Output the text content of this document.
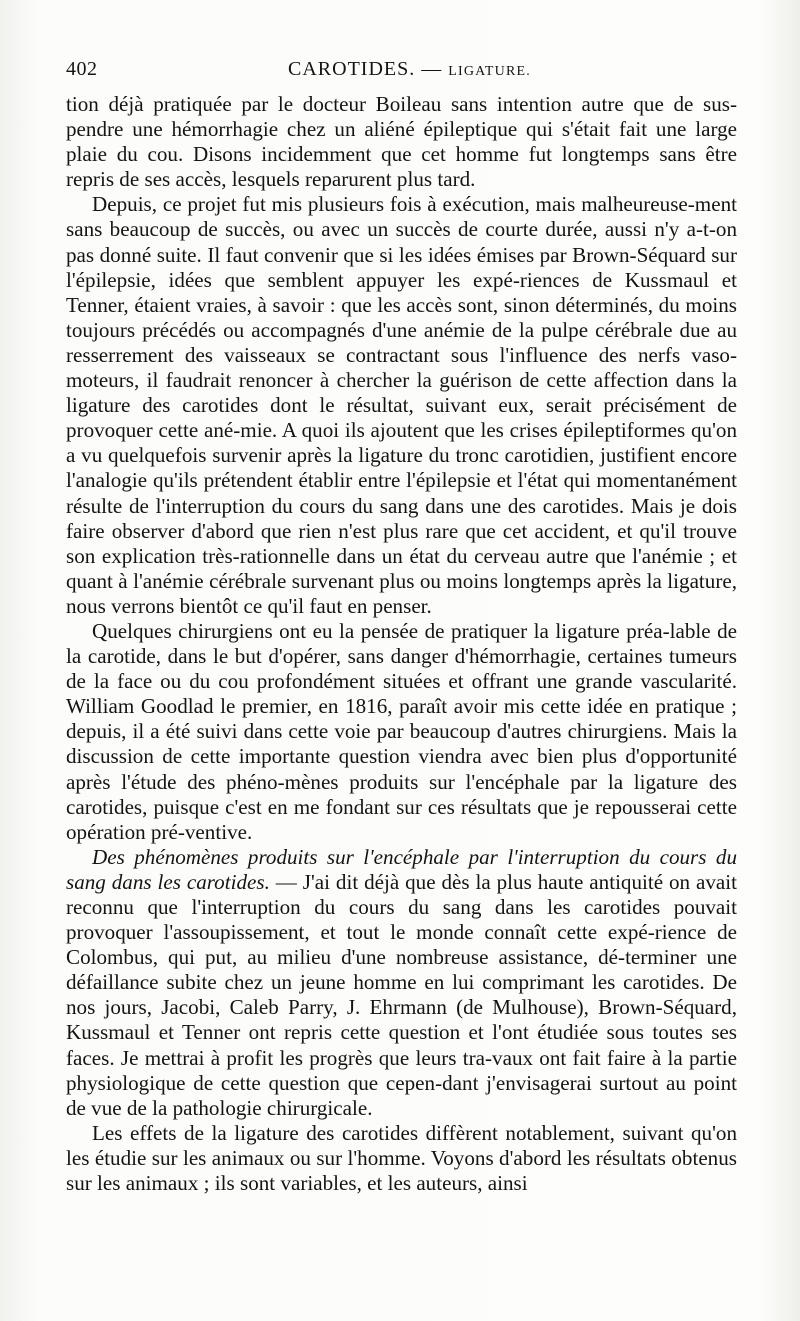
402	CAROTIDES. — LIGATURE.

tion déjà pratiquée par le docteur Boileau sans intention autre que de sus-pendre une hémorrhagie chez un aliéné épileptique qui s'était fait une large plaie du cou. Disons incidemment que cet homme fut longtemps sans être repris de ses accès, lesquels reparurent plus tard.

Depuis, ce projet fut mis plusieurs fois à exécution, mais malheureuse-ment sans beaucoup de succès, ou avec un succès de courte durée, aussi n'y a-t-on pas donné suite. Il faut convenir que si les idées émises par Brown-Séquard sur l'épilepsie, idées que semblent appuyer les expé-riences de Kussmaul et Tenner, étaient vraies, à savoir : que les accès sont, sinon déterminés, du moins toujours précédés ou accompagnés d'une anémie de la pulpe cérébrale due au resserrement des vaisseaux se contractant sous l'influence des nerfs vaso-moteurs, il faudrait renoncer à chercher la guérison de cette affection dans la ligature des carotides dont le résultat, suivant eux, serait précisément de provoquer cette ané-mie. A quoi ils ajoutent que les crises épileptiformes qu'on a vu quelquefois survenir après la ligature du tronc carotidien, justifient encore l'analogie qu'ils prétendent établir entre l'épilepsie et l'état qui momentanément résulte de l'interruption du cours du sang dans une des carotides. Mais je dois faire observer d'abord que rien n'est plus rare que cet accident, et qu'il trouve son explication très-rationnelle dans un état du cerveau autre que l'anémie ; et quant à l'anémie cérébrale survenant plus ou moins longtemps après la ligature, nous verrons bientôt ce qu'il faut en penser.

Quelques chirurgiens ont eu la pensée de pratiquer la ligature préa-lable de la carotide, dans le but d'opérer, sans danger d'hémorrhagie, certaines tumeurs de la face ou du cou profondément situées et offrant une grande vascularité. William Goodlad le premier, en 1816, paraît avoir mis cette idée en pratique ; depuis, il a été suivi dans cette voie par beaucoup d'autres chirurgiens. Mais la discussion de cette importante question viendra avec bien plus d'opportunité après l'étude des phéno-mènes produits sur l'encéphale par la ligature des carotides, puisque c'est en me fondant sur ces résultats que je repousserai cette opération pré-ventive.

Des phénomènes produits sur l'encéphale par l'interruption du cours du sang dans les carotides. — J'ai dit déjà que dès la plus haute antiquité on avait reconnu que l'interruption du cours du sang dans les carotides pouvait provoquer l'assoupissement, et tout le monde connaît cette expé-rience de Colombus, qui put, au milieu d'une nombreuse assistance, dé-terminer une défaillance subite chez un jeune homme en lui comprimant les carotides. De nos jours, Jacobi, Caleb Parry, J. Ehrmann (de Mulhouse), Brown-Séquard, Kussmaul et Tenner ont repris cette question et l'ont étudiée sous toutes ses faces. Je mettrai à profit les progrès que leurs tra-vaux ont fait faire à la partie physiologique de cette question que cepen-dant j'envisagerai surtout au point de vue de la pathologie chirurgicale.

Les effets de la ligature des carotides diffèrent notablement, suivant qu'on les étudie sur les animaux ou sur l'homme. Voyons d'abord les résultats obtenus sur les animaux ; ils sont variables, et les auteurs, ainsi
